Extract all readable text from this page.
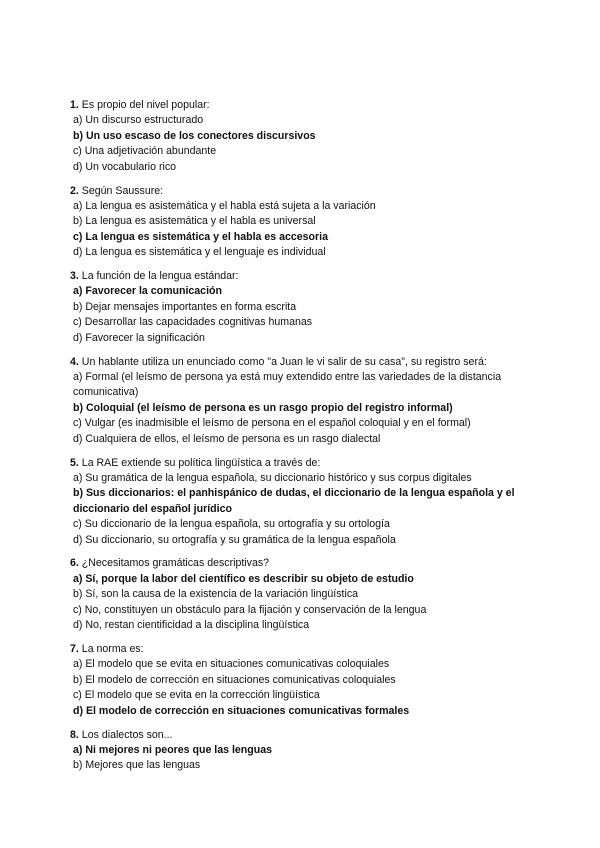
1. Es propio del nivel popular:
a) Un discurso estructurado
b) Un uso escaso de los conectores discursivos
c) Una adjetivación abundante
d) Un vocabulario rico
2. Según Saussure:
a) La lengua es asistemática y el habla está sujeta a la variación
b) La lengua es asistemática y el habla es universal
c) La lengua es sistemática y el habla es accesoria
d) La lengua es sistemática y el lenguaje es individual
3. La función de la lengua estándar:
a) Favorecer la comunicación
b) Dejar mensajes importantes en forma escrita
c) Desarrollar las capacidades cognitivas humanas
d) Favorecer la significación
4. Un hablante utiliza un enunciado como "a Juan le vi salir de su casa", su registro será:
a) Formal (el leísmo de persona ya está muy extendido entre las variedades de la distancia comunicativa)
b) Coloquial (el leísmo de persona es un rasgo propio del registro informal)
c) Vulgar (es inadmisible el leísmo de persona en el español coloquial y en el formal)
d) Cualquiera de ellos, el leísmo de persona es un rasgo dialectal
5. La RAE extiende su política lingüística a través de:
a) Su gramática de la lengua española, su diccionario histórico y sus corpus digitales
b) Sus diccionarios: el panhispánico de dudas, el diccionario de la lengua española y el diccionario del español jurídico
c) Su diccionario de la lengua española, su ortografía y su ortología
d) Su diccionario, su ortografía y su gramática de la lengua española
6. ¿Necesitamos gramáticas descriptivas?
a) Sí, porque la labor del científico es describir su objeto de estudio
b) Sí, son la causa de la existencia de la variación lingüística
c) No, constituyen un obstáculo para la fijación y conservación de la lengua
d) No, restan cientificidad a la disciplina lingüística
7. La norma es:
a) El modelo que se evita en situaciones comunicativas coloquiales
b) El modelo de corrección en situaciones comunicativas coloquiales
c) El modelo que se evita en la corrección lingüística
d) El modelo de corrección en situaciones comunicativas formales
8. Los dialectos son...
a) Ni mejores ni peores que las lenguas
b) Mejores que las lenguas
